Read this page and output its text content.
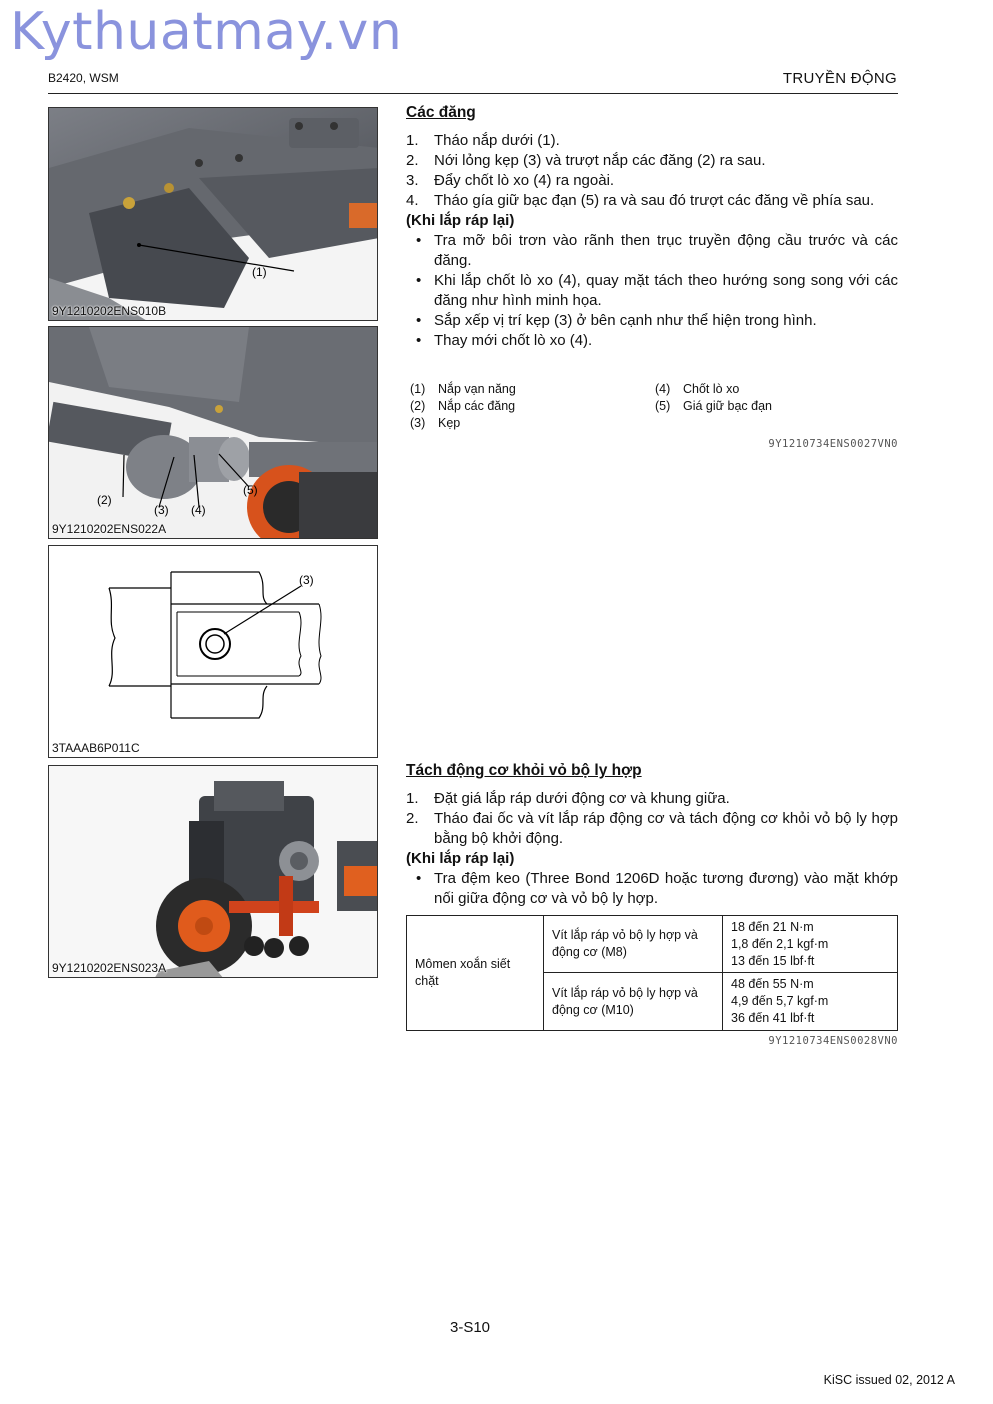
Kythuatmay.vn
B2420, WSM	TRUYỀN ĐỘNG
(1)
9Y1210202ENS010B
(2)
(3) (4)
(5)
9Y1210202ENS022A
(3)
3TAAAB6P011C
9Y1210202ENS023A
Các đăng
1. Tháo nắp dưới (1).
2. Nới lỏng kẹp (3) và trượt nắp các đăng (2) ra sau.
3. Đẩy chốt lò xo (4) ra ngoài.
4. Tháo gía giữ bạc đạn (5) ra và sau đó trượt các đăng về phía sau.
(Khi lắp ráp lại)
• Tra mỡ bôi trơn vào rãnh then trục truyền động cầu trước và các đăng.
• Khi lắp chốt lò xo (4), quay mặt tách theo hướng song song với các đăng như hình minh họa.
• Sắp xếp vị trí kẹp (3) ở bên cạnh như thể hiện trong hình.
• Thay mới chốt lò xo (4).
(1) Nắp vạn năng
(2) Nắp các đăng
(3) Kẹp
(4) Chốt lò xo
(5) Giá giữ bạc đạn
9Y1210734ENS0027VN0
Tách động cơ khỏi vỏ bộ ly hợp
1. Đặt giá lắp ráp dưới động cơ và khung giữa.
2. Tháo đai ốc và vít lắp ráp động cơ và tách động cơ khỏi vỏ bộ ly hợp bằng bộ khởi động.
(Khi lắp ráp lại)
• Tra đệm keo (Three Bond 1206D hoặc tương đương) vào mặt khớp nối giữa động cơ và vỏ bộ ly hợp.
Mômen xoắn siết chặt	Vít lắp ráp vỏ bộ ly hợp và động cơ (M8)	18 đến 21 N·m
1,8 đến 2,1 kgf·m
13 đến 15 lbf·ft

	Vít lắp ráp vỏ bộ ly hợp và động cơ (M10)	48 đến 55 N·m
4,9 đến 5,7 kgf·m
36 đến 41 lbf·ft
9Y1210734ENS0028VN0
3-S10
KiSC issued 02, 2012 A
